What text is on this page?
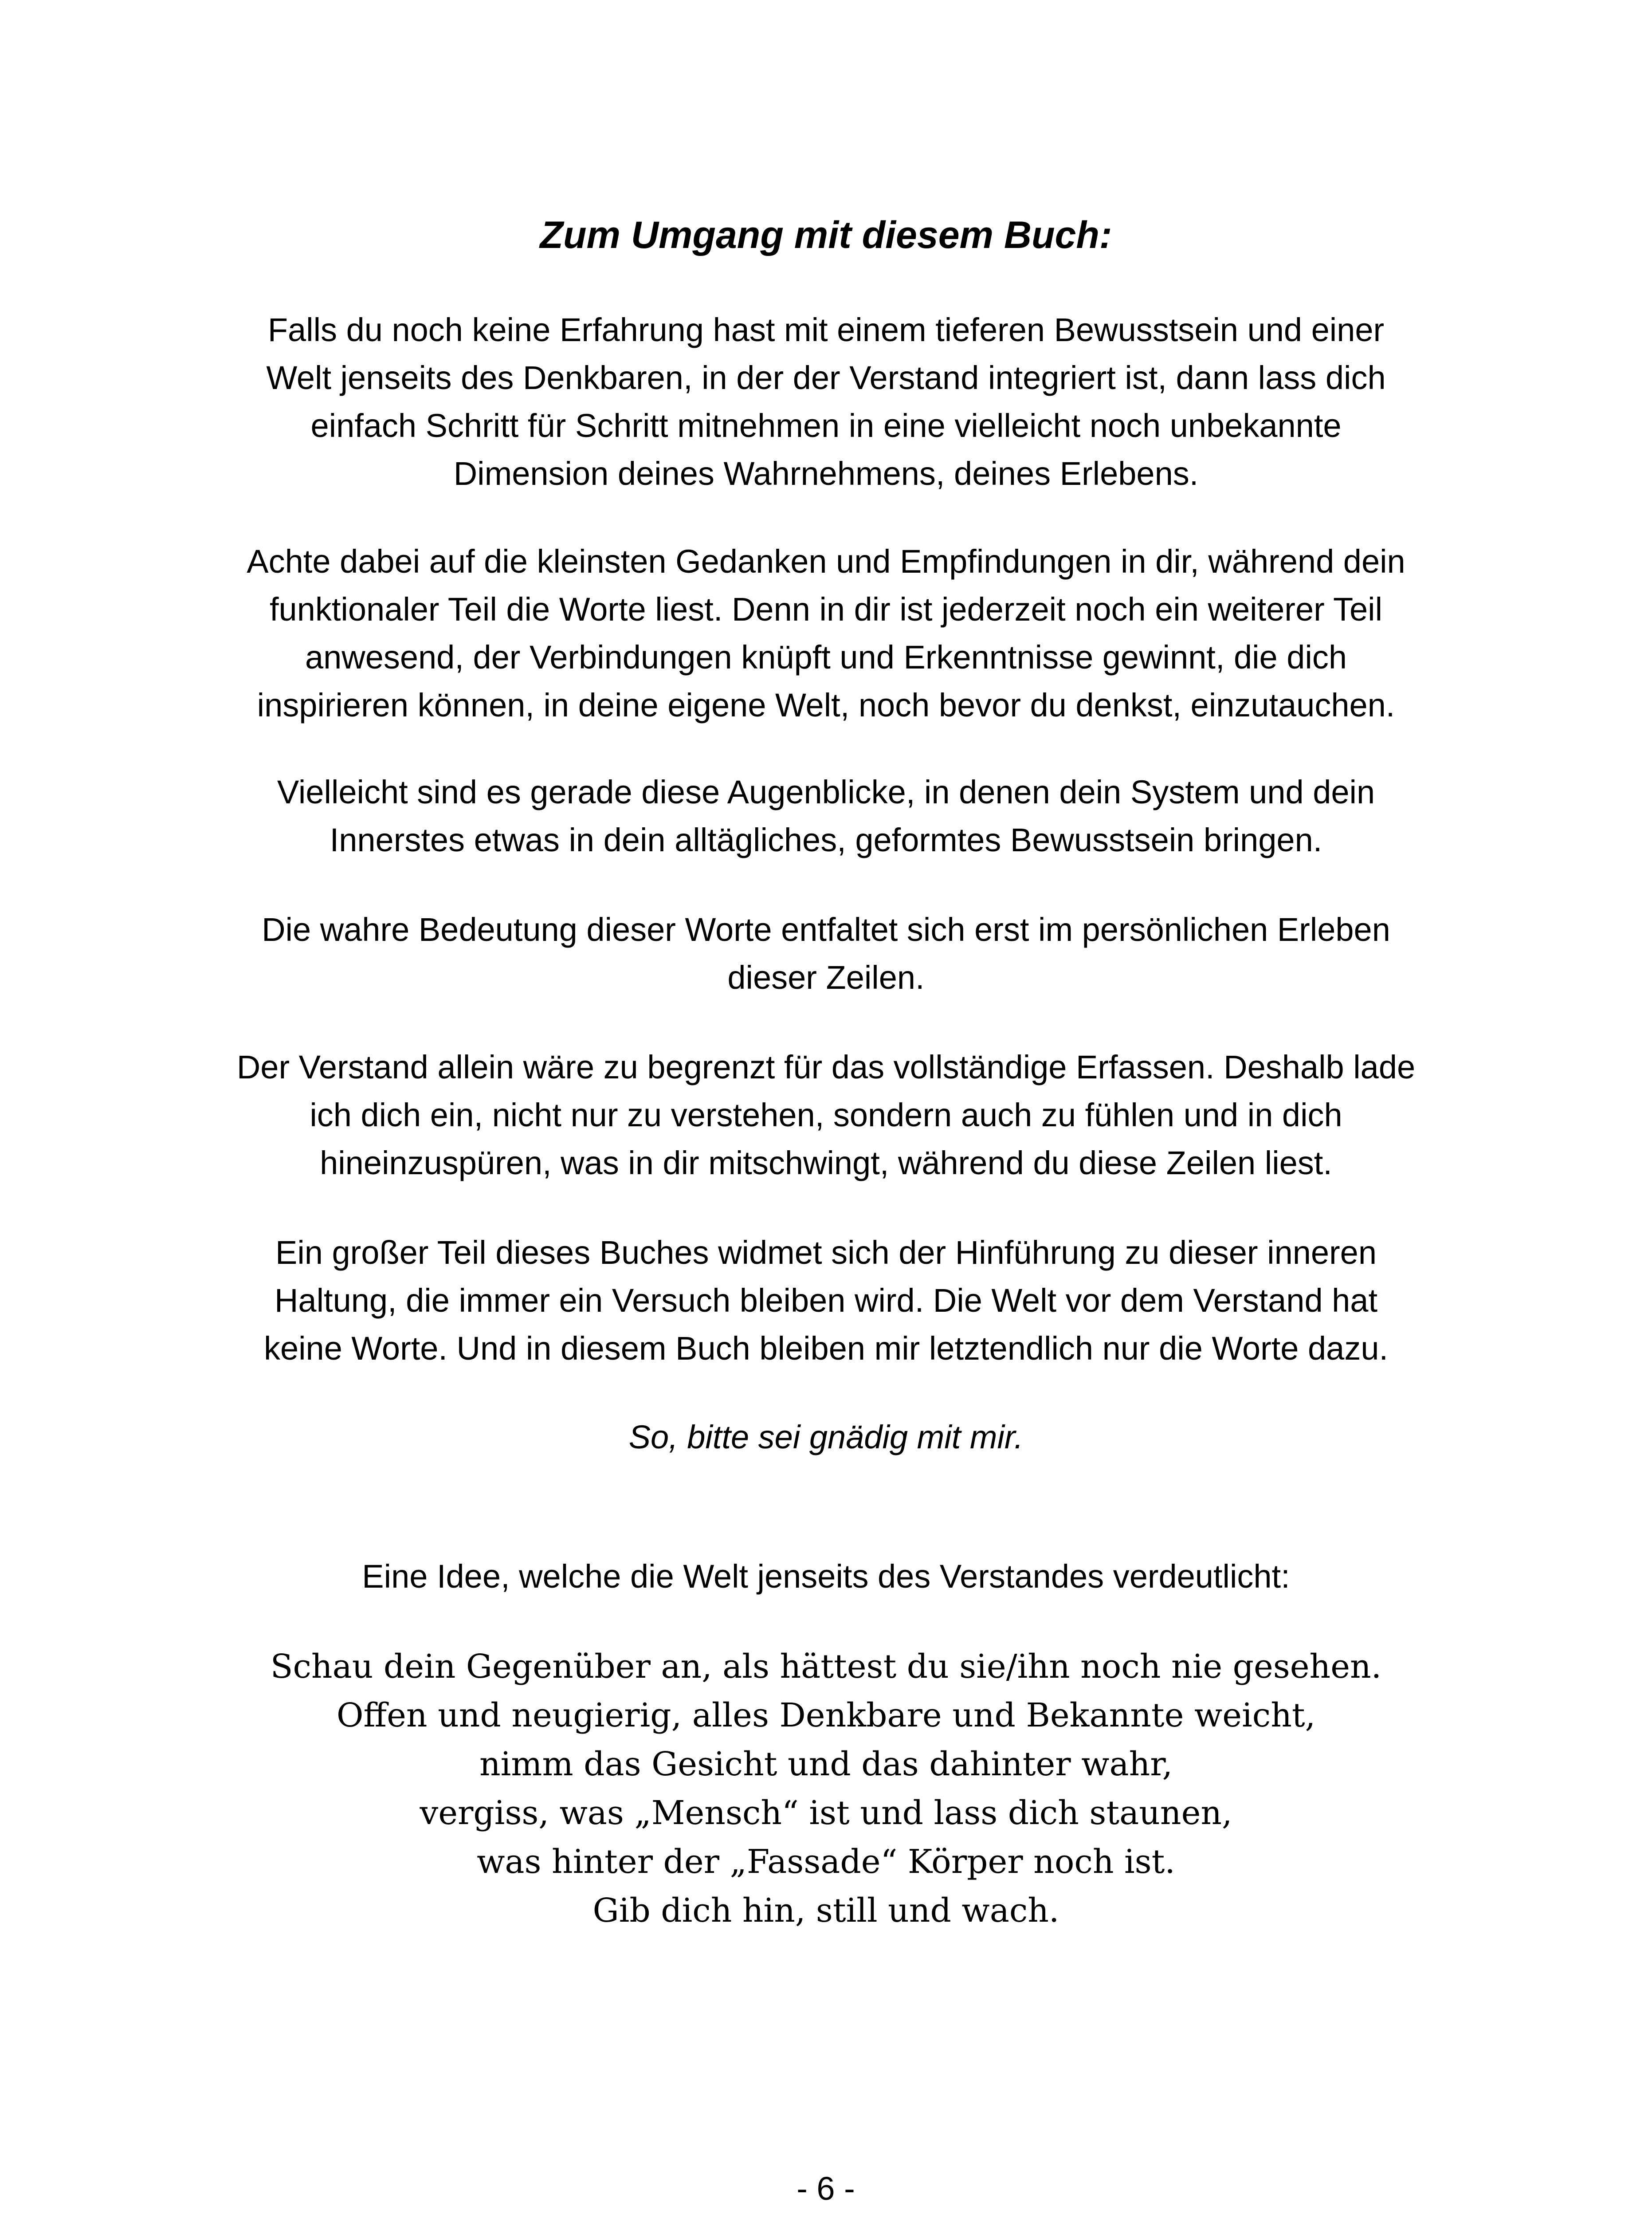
Zum Umgang mit diesem Buch:

Falls du noch keine Erfahrung hast mit einem tieferen Bewusstsein und einer
Welt jenseits des Denkbaren, in der der Verstand integriert ist, dann lass dich
einfach Schritt für Schritt mitnehmen in eine vielleicht noch unbekannte
Dimension deines Wahrnehmens, deines Erlebens.

Achte dabei auf die kleinsten Gedanken und Empfindungen in dir, während dein
funktionaler Teil die Worte liest. Denn in dir ist jederzeit noch ein weiterer Teil
anwesend, der Verbindungen knüpft und Erkenntnisse gewinnt, die dich
inspirieren können, in deine eigene Welt, noch bevor du denkst, einzutauchen.

Vielleicht sind es gerade diese Augenblicke, in denen dein System und dein
Innerstes etwas in dein alltägliches, geformtes Bewusstsein bringen.

Die wahre Bedeutung dieser Worte entfaltet sich erst im persönlichen Erleben
dieser Zeilen.

Der Verstand allein wäre zu begrenzt für das vollständige Erfassen. Deshalb lade
ich dich ein, nicht nur zu verstehen, sondern auch zu fühlen und in dich
hineinzuspüren, was in dir mitschwingt, während du diese Zeilen liest.

Ein großer Teil dieses Buches widmet sich der Hinführung zu dieser inneren
Haltung, die immer ein Versuch bleiben wird. Die Welt vor dem Verstand hat
keine Worte. Und in diesem Buch bleiben mir letztendlich nur die Worte dazu.

So, bitte sei gnädig mit mir.

Eine Idee, welche die Welt jenseits des Verstandes verdeutlicht:

Schau dein Gegenüber an, als hättest du sie/ihn noch nie gesehen.
Offen und neugierig, alles Denkbare und Bekannte weicht,
nimm das Gesicht und das dahinter wahr,
vergiss, was „Mensch“ ist und lass dich staunen,
was hinter der „Fassade“ Körper noch ist.
Gib dich hin, still und wach.
- 6 -
